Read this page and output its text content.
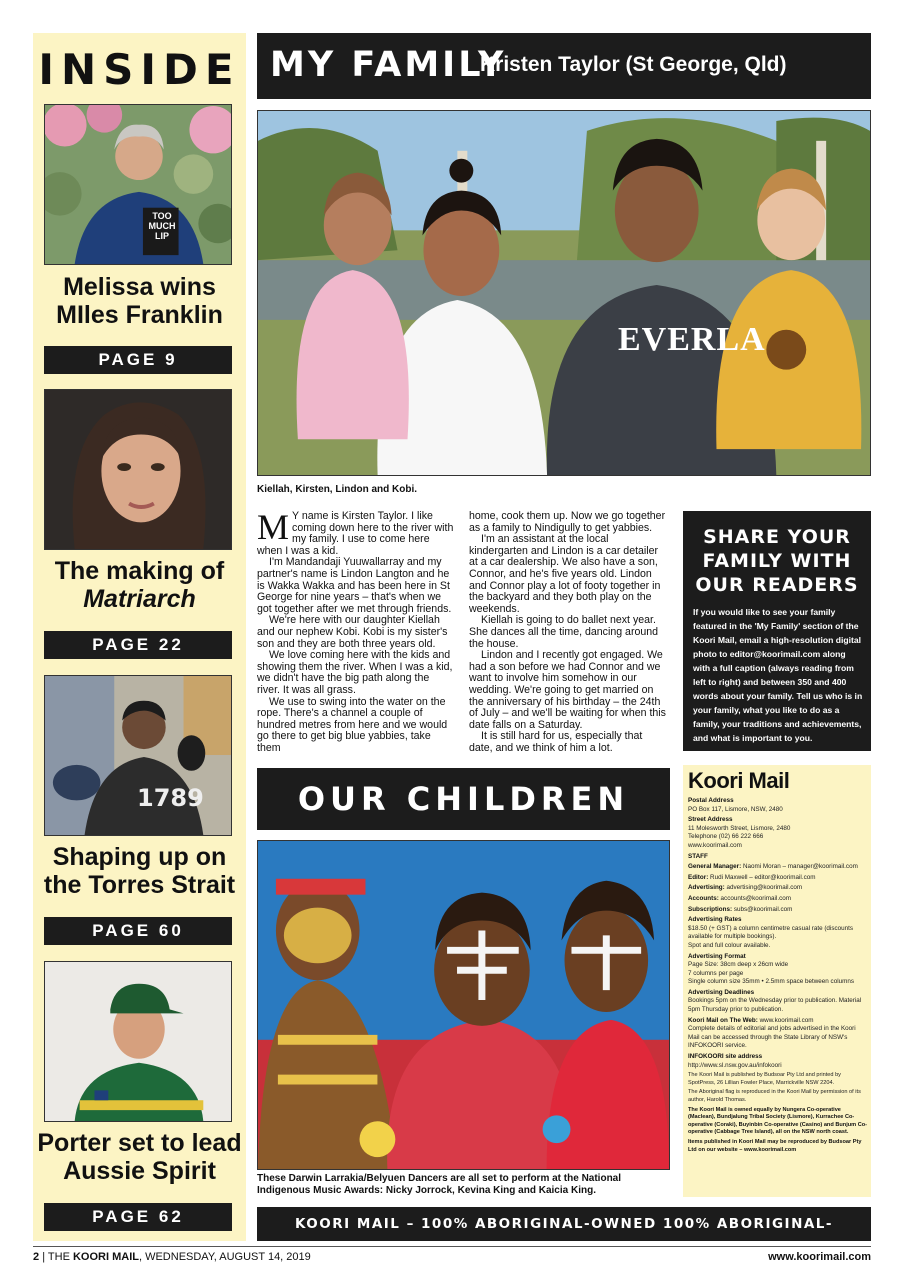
INSIDE
TOO MUCH LIP
Melissa wins
MIles Franklin
PAGE 9
The making of
Matriarch
PAGE 22
1789
Shaping up on
the Torres Strait
PAGE 60
Porter set to lead
Aussie Spirit
PAGE 62
MY FAMILY
Kristen Taylor (St George, Qld)
EVERLA
Kiellah, Kirsten, Lindon and Kobi.

M Y name is Kirsten Taylor. I like coming down here to the river with my family. I use to come here when I was a kid.

I'm Mandandaji Yuuwallarray and my partner's name is Lindon Langton and he is Wakka Wakka and has been here in St George for nine years – that's when we got together after we met through friends.

We're here with our daughter Kiellah and our nephew Kobi. Kobi is my sister's son and they are both three years old.

We love coming here with the kids and showing them the river. When I was a kid, we didn't have the big path along the river. It was all grass.

We use to swing into the water on the rope. There's a channel a couple of hundred metres from here and we would go there to get big blue yabbies, take them

home, cook them up. Now we go together as a family to Nindigully to get yabbies.

I'm an assistant at the local kindergarten and Lindon is a car detailer at a car dealership. We also have a son, Connor, and he's five years old. Lindon and Connor play a lot of footy together in the backyard and they both play on the weekends.

Kiellah is going to do ballet next year. She dances all the time, dancing around the house.

Lindon and I recently got engaged. We had a son before we had Connor and we want to involve him somehow in our wedding. We're going to get married on the anniversary of his birthday – the 24th of July – and we'll be waiting for when this date falls on a Saturday.

It is still hard for us, especially that date, and we think of him a lot.

SHARE YOUR
FAMILY WITH
OUR READERS
If you would like to see your family featured in the 'My Family' section of the Koori Mail, email a high-resolution digital photo to editor@koorimail.com along with a full caption (always reading from left to right) and between 350 and 400 words about your family. Tell us who is in your family, what you like to do as a family, your traditions and achievements, and what is important to you.
OUR CHILDREN
These Darwin Larrakia/Belyuen Dancers are all set to perform at the National Indigenous Music Awards: Nicky Jorrock, Kevina King and Kaicia King.
Koori Mail
Postal Address
PO Box 117, Lismore, NSW, 2480
Street Address
11 Molesworth Street, Lismore, 2480
Telephone (02) 66 222 666
www.koorimail.com
STAFF
General Manager: Naomi Moran – manager@koorimail.com
Editor: Rudi Maxwell – editor@koorimail.com
Advertising: advertising@koorimail.com
Accounts: accounts@koorimail.com
Subscriptions: subs@koorimail.com
Advertising Rates
$18.50 (+ GST) a column centimetre casual rate (discounts available for multiple bookings).
Spot and full colour available.
Advertising Format
Page Size: 38cm deep x 26cm wide
7 columns per page
Single column size 35mm • 2.5mm space between columns
Advertising Deadlines
Bookings 5pm on the Wednesday prior to publication. Material 5pm Thursday prior to publication.
Koori Mail on The Web: www.koorimail.com
Complete details of editorial and jobs advertised in the Koori Mail can be accessed through the State Library of NSW's INFOKOORI service.
INFOKOORI site address
http://www.sl.nsw.gov.au/infokoori
The Koori Mail is published by Budsoar Pty Ltd and printed by SpotPress, 26 Lillian Fowler Place, Marrickville NSW 2204.
The Aboriginal flag is reproduced in the Koori Mail by permission of its author, Harold Thomas.
The Koori Mail is owned equally by Nungera Co-operative (Maclean), Bundjalung Tribal Society (Lismore), Kurrachee Co-operative (Coraki), Buyinbin Co-operative (Casino) and Bunjum Co-operative (Cabbage Tree Island), all on the NSW north coast.
Items published in Koori Mail may be reproduced by Budsoar Pty Ltd on our website – www.koorimail.com
KOORI MAIL – 100% ABORIGINAL-OWNED 100% ABORIGINAL-CONTROLLED
2 | THE KOORI MAIL, WEDNESDAY, AUGUST 14, 2019	www.koorimail.com
